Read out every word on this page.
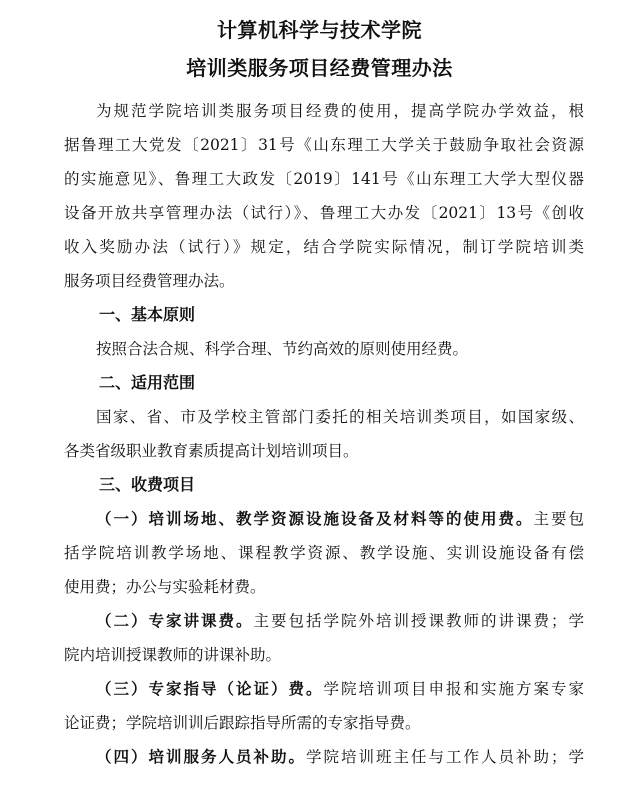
计算机科学与技术学院
培训类服务项目经费管理办法
为规范学院培训类服务项目经费的使用，提高学院办学效益，根
据鲁理工大党发〔2021〕31号《山东理工大学关于鼓励争取社会资源
的实施意见》、鲁理工大政发〔2019〕141号《山东理工大学大型仪器
设备开放共享管理办法（试行）》、鲁理工大办发〔2021〕13号《创收
收入奖励办法（试行）》规定，结合学院实际情况，制订学院培训类
服务项目经费管理办法。
一、基本原则
按照合法合规、科学合理、节约高效的原则使用经费。
二、适用范围
国家、省、市及学校主管部门委托的相关培训类项目，如国家级、
各类省级职业教育素质提高计划培训项目。
三、收费项目
（一）培训场地、教学资源设施设备及材料等的使用费。主要包
括学院培训教学场地、课程教学资源、教学设施、实训设施设备有偿
使用费；办公与实验耗材费。
（二）专家讲课费。主要包括学院外培训授课教师的讲课费；学
院内培训授课教师的讲课补助。
（三）专家指导（论证）费。学院培训项目申报和实施方案专家
论证费；学院培训训后跟踪指导所需的专家指导费。
（四）培训服务人员补助。学院培训班主任与工作人员补助；学
